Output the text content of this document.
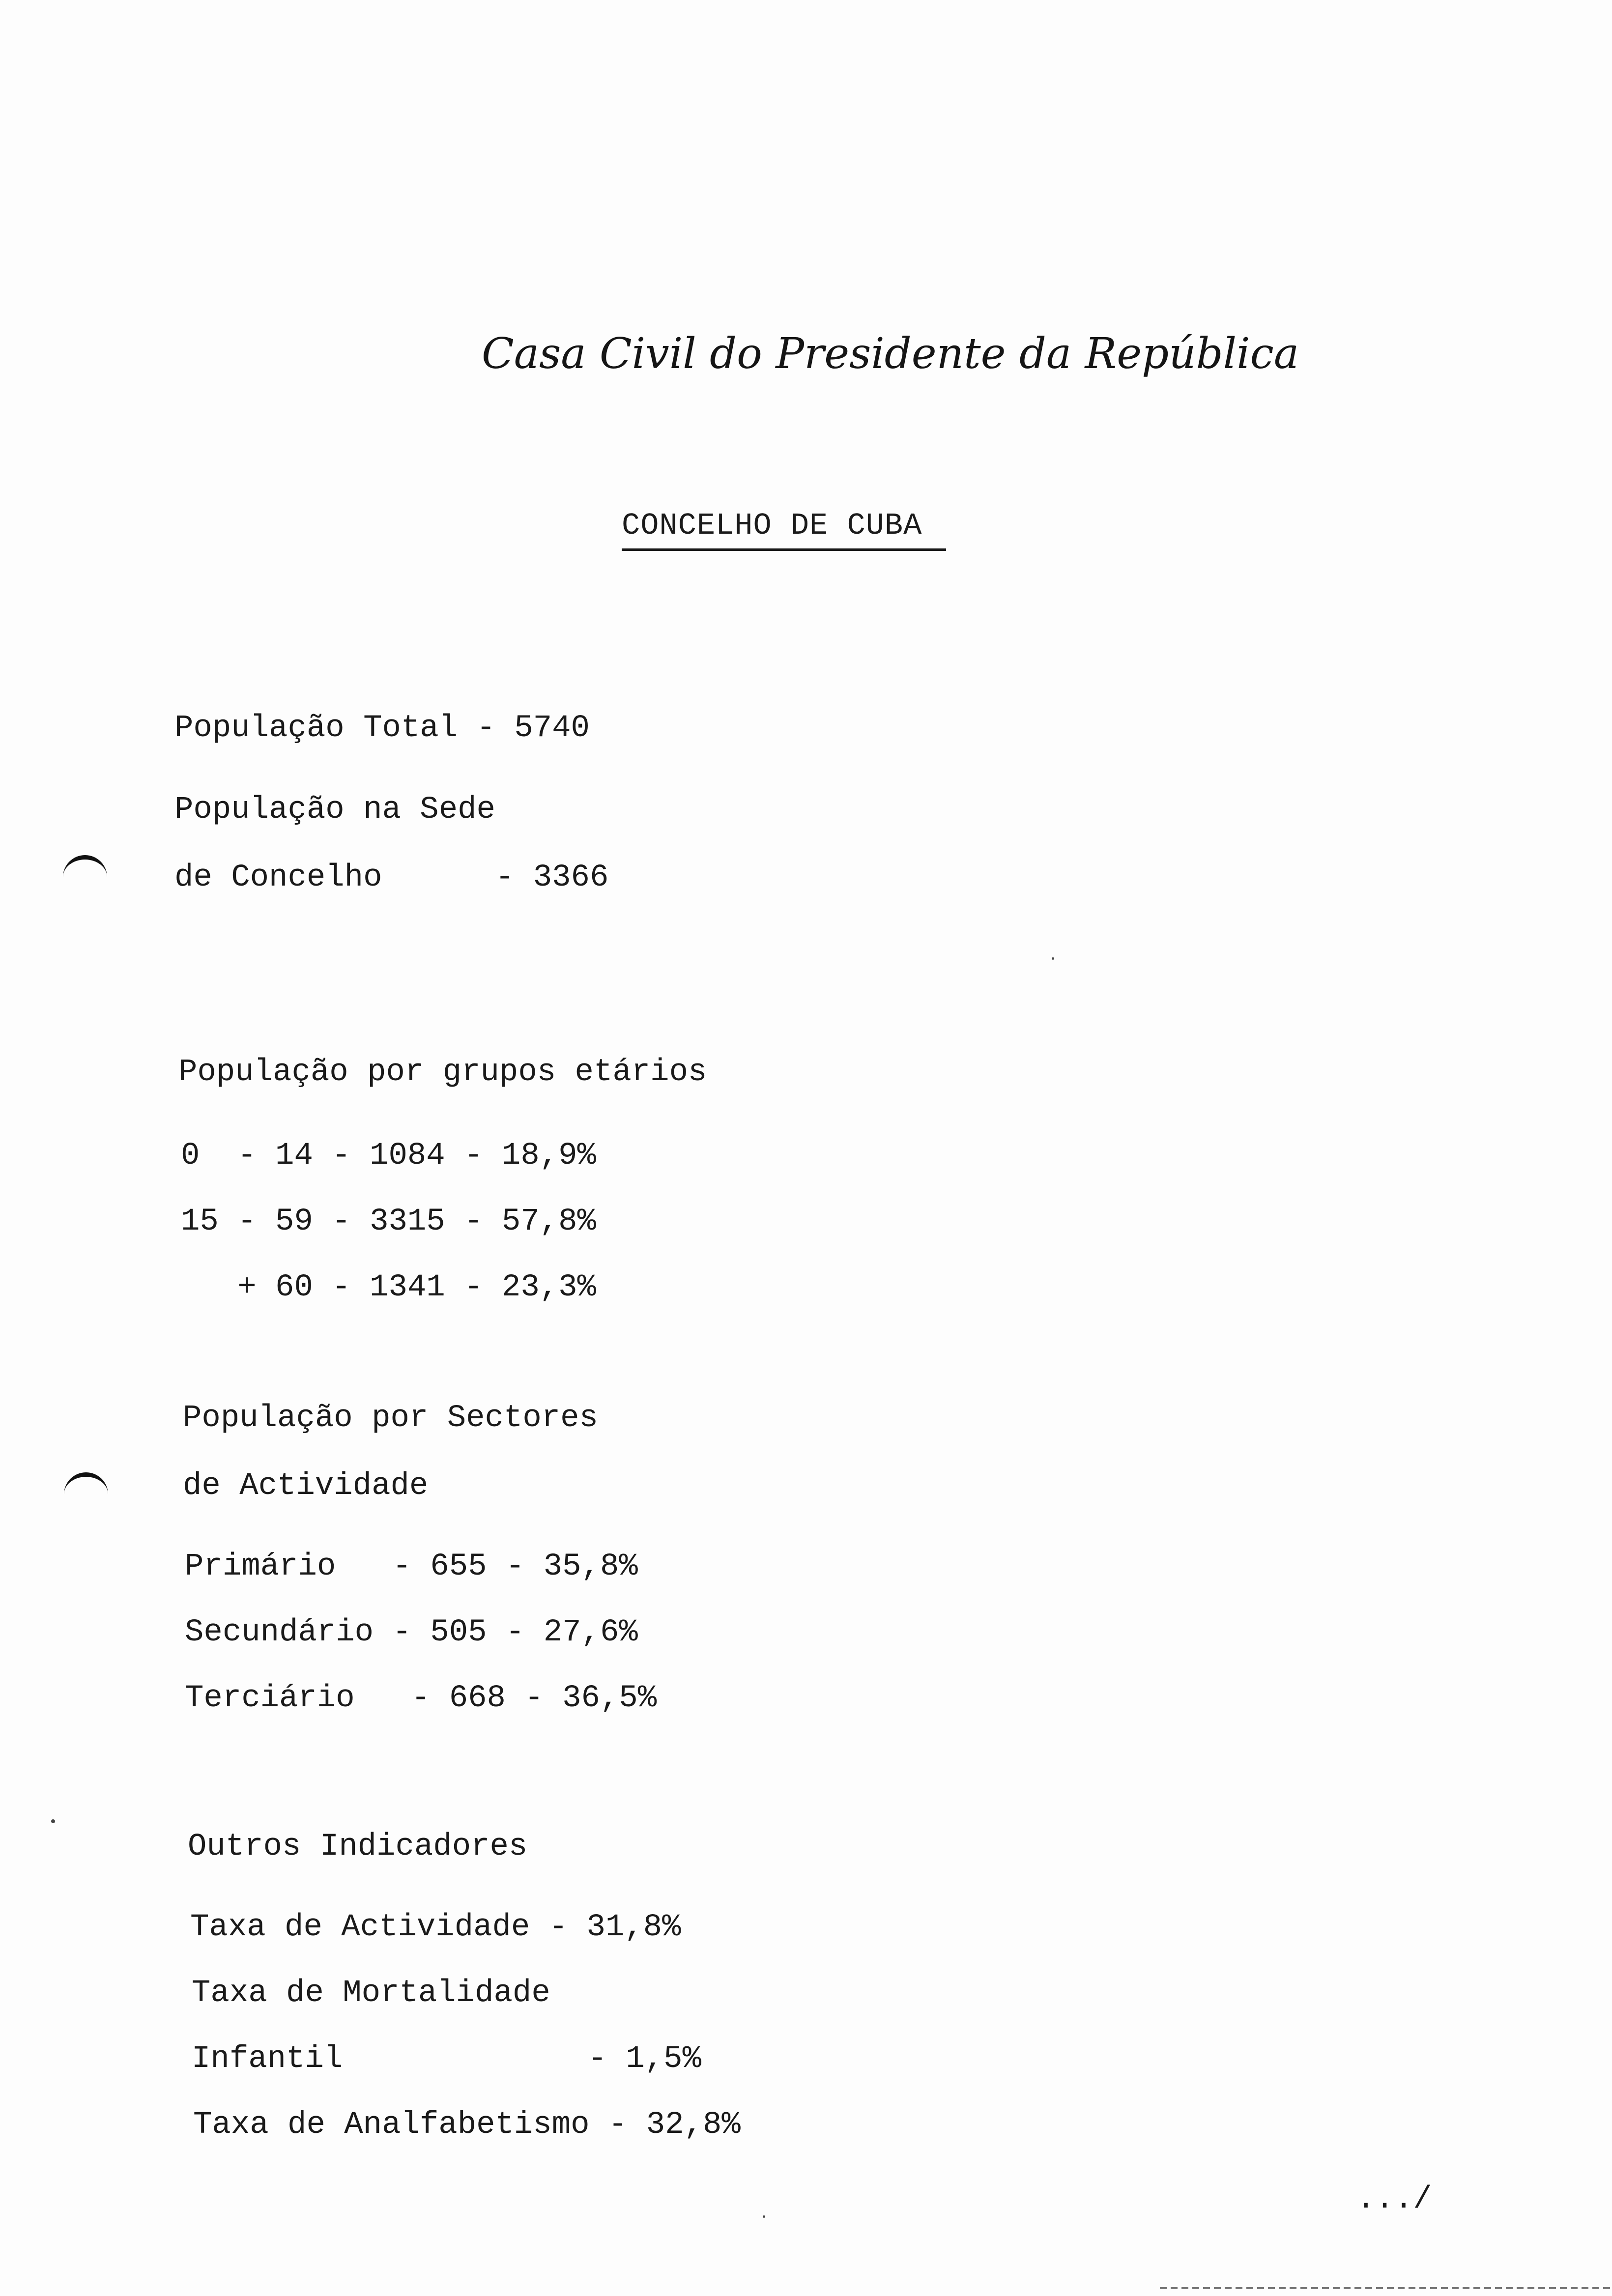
Casa Civil do Presidente da República
CONCELHO DE CUBA
População Total - 5740
População na Sede
de Concelho      - 3366
População por grupos etários
0  - 14 - 1084 - 18,9%
15 - 59 - 3315 - 57,8%
+ 60 - 1341 - 23,3%
População por Sectores
de Actividade
Primário   - 655 - 35,8%
Secundário - 505 - 27,6%
Terciário   - 668 - 36,5%
Outros Indicadores
Taxa de Actividade - 31,8%
Taxa de Mortalidade
Infantil             - 1,5%
Taxa de Analfabetismo - 32,8%
.../
